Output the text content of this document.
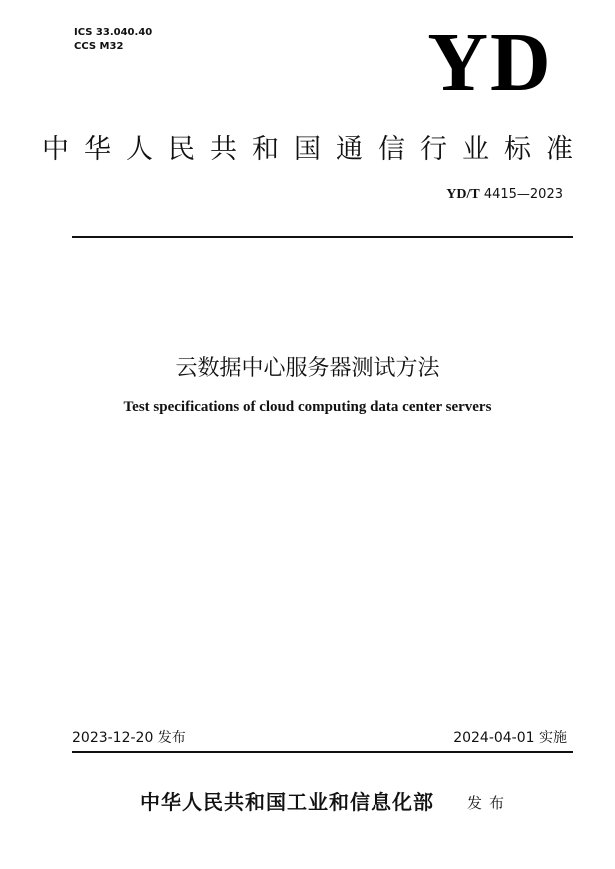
ICS 33.040.40
CCS M32	YD
中华人民共和国通信行业标准
YD/T 4415—2023
云数据中心服务器测试方法
Test specifications of cloud computing data center servers
2023-12-20 发布	2024-04-01 实施
中华人民共和国工业和信息化部 发布
